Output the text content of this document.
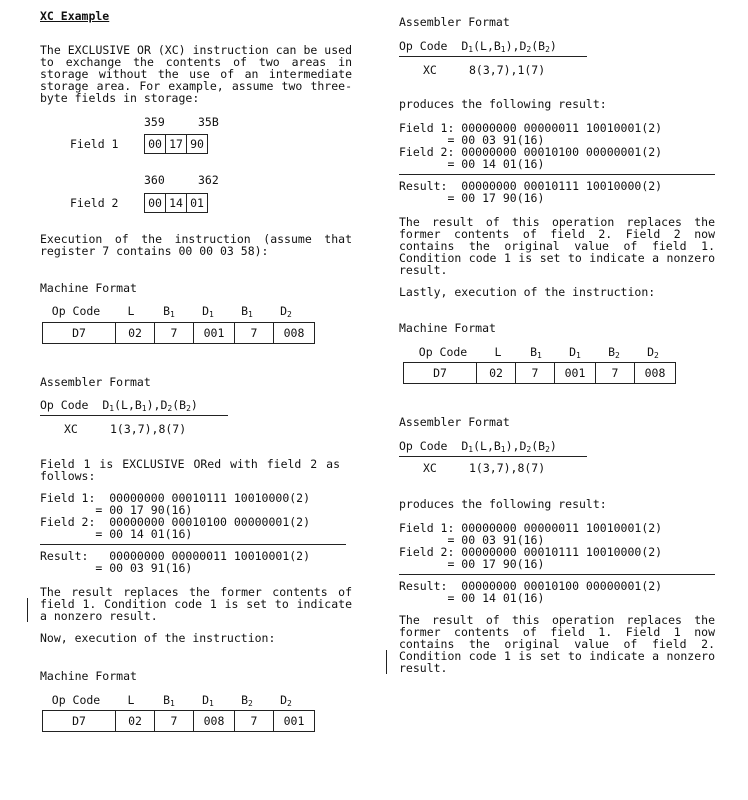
XC Example
The EXCLUSIVE OR (XC) instruction can be used to exchange the contents of two areas in storage without the use of an intermediate storage area. For example, assume two three-byte fields in storage:
359	35B
Field 1	00 17 90
360	362
Field 2	00 14 01
Execution of the instruction (assume that register 7 contains 00 00 03 58):
Machine Format
Op Code	L	B1	D1	B1	D2
D7	02	7	001	7	008
Assembler Format
Op Code D1(L,B1),D2(B2)
XC	1(3,7),8(7)
Field 1 is EXCLUSIVE ORed with field 2 as follows:
Field 1:  00000000 00010111 10010000(2)
= 00 17 90(16)
Field 2:  00000000 00010100 00000001(2)
= 00 14 01(16)
Result:   00000000 00000011 10010001(2)
= 00 03 91(16)
The result replaces the former contents of field 1. Condition code 1 is set to indicate a nonzero result.
Now, execution of the instruction:
Machine Format
Op Code	L	B1	D1	B2	D2
D7	02	7	008	7	001
Assembler Format
Op Code D1(L,B1),D2(B2)
XC	8(3,7),1(7)
produces the following result:
Field 1: 00000000 00000011 10010001(2)
= 00 03 91(16)
Field 2: 00000000 00010100 00000001(2)
= 00 14 01(16)
Result:  00000000 00010111 10010000(2)
= 00 17 90(16)
The result of this operation replaces the former contents of field 2. Field 2 now contains the original value of field 1. Condition code 1 is set to indicate a nonzero result.
Lastly, execution of the instruction:
Machine Format
Op Code	L	B1	D1	B2	D2
D7	02	7	001	7	008
Assembler Format
Op Code D1(L,B1),D2(B2)
XC	1(3,7),8(7)
produces the following result:
Field 1: 00000000 00000011 10010001(2)
= 00 03 91(16)
Field 2: 00000000 00010111 10010000(2)
= 00 17 90(16)
Result:  00000000 00010100 00000001(2)
= 00 14 01(16)
The result of this operation replaces the former contents of field 1. Field 1 now contains the original value of field 2. Condition code 1 is set to indicate a nonzero result.
